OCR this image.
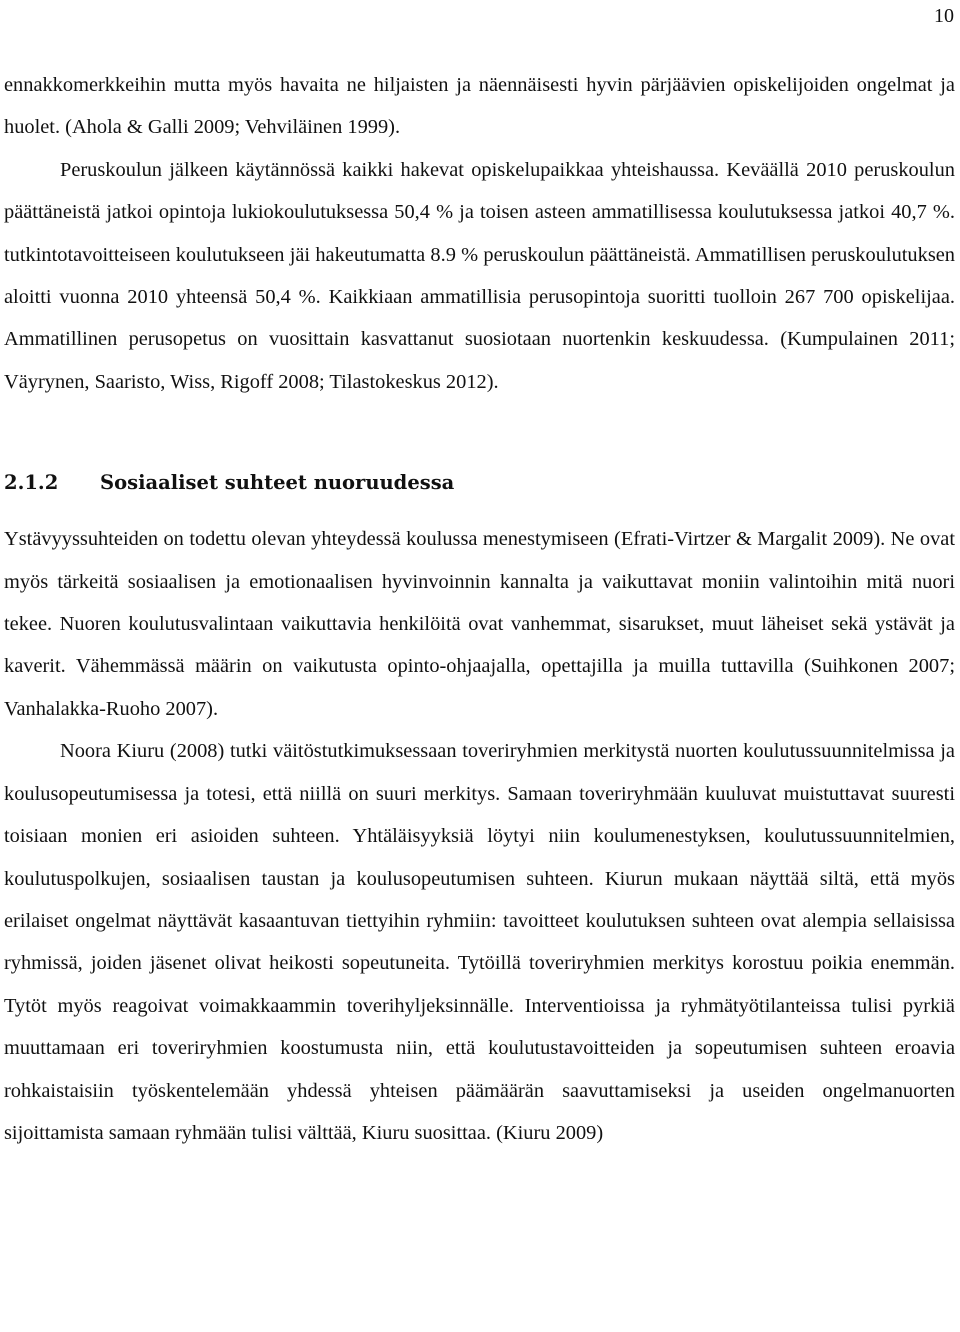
10

ennakkomerkkeihin mutta myös havaita ne hiljaisten ja näennäisesti hyvin pärjäävien opiskelijoiden ongelmat ja huolet. (Ahola & Galli 2009; Vehviläinen 1999).

Peruskoulun jälkeen käytännössä kaikki hakevat opiskelupaikkaa yhteishaussa. Keväällä 2010 peruskoulun päättäneistä jatkoi opintoja lukiokoulutuksessa 50,4 % ja toisen asteen ammatillisessa koulutuksessa jatkoi 40,7 %. tutkintotavoitteiseen koulutukseen jäi hakeutumatta 8.9 % peruskoulun päättäneistä. Ammatillisen peruskoulutuksen aloitti vuonna 2010 yhteensä 50,4 %. Kaikkiaan ammatillisia perusopintoja suoritti tuolloin 267 700 opiskelijaa. Ammatillinen perusopetus on vuosittain kasvattanut suosiotaan nuortenkin keskuudessa. (Kumpulainen 2011; Väyrynen, Saaristo, Wiss, Rigoff 2008; Tilastokeskus 2012).

2.1.2 Sosiaaliset suhteet nuoruudessa

Ystävyyssuhteiden on todettu olevan yhteydessä koulussa menestymiseen (Efrati-Virtzer & Margalit 2009). Ne ovat myös tärkeitä sosiaalisen ja emotionaalisen hyvinvoinnin kannalta ja vaikuttavat moniin valintoihin mitä nuori tekee. Nuoren koulutusvalintaan vaikuttavia henkilöitä ovat vanhemmat, sisarukset, muut läheiset sekä ystävät ja kaverit. Vähemmässä määrin on vaikutusta opinto-ohjaajalla, opettajilla ja muilla tuttavilla (Suihkonen 2007; Vanhalakka-Ruoho 2007).

Noora Kiuru (2008) tutki väitöstutkimuksessaan toveriryhmien merkitystä nuorten koulutussuunnitelmissa ja koulusopeutumisessa ja totesi, että niillä on suuri merkitys. Samaan toveriryhmään kuuluvat muistuttavat suuresti toisiaan monien eri asioiden suhteen. Yhtäläisyyksiä löytyi niin koulumenestyksen, koulutussuunnitelmien, koulutuspolkujen, sosiaalisen taustan ja koulusopeutumisen suhteen. Kiurun mukaan näyttää siltä, että myös erilaiset ongelmat näyttävät kasaantuvan tiettyihin ryhmiin: tavoitteet koulutuksen suhteen ovat alempia sellaisissa ryhmissä, joiden jäsenet olivat heikosti sopeutuneita. Tytöillä toveriryhmien merkitys korostuu poikia enemmän. Tytöt myös reagoivat voimakkaammin toverihyljeksinnälle. Interventioissa ja ryhmätyötilanteissa tulisi pyrkiä muuttamaan eri toveriryhmien koostumusta niin, että koulutustavoitteiden ja sopeutumisen suhteen eroavia rohkaistaisiin työskentelemään yhdessä yhteisen päämäärän saavuttamiseksi ja useiden ongelmanuorten sijoittamista samaan ryhmään tulisi välttää, Kiuru suosittaa. (Kiuru 2009)
